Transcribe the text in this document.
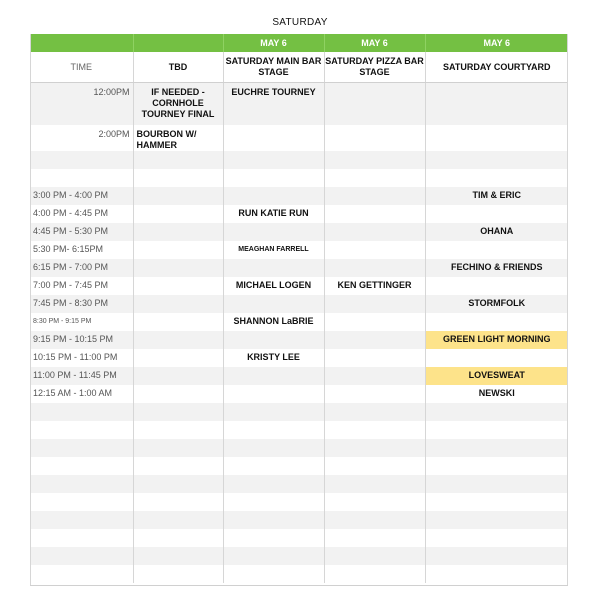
SATURDAY
		MAY 6	MAY 6	MAY 6
TIME	TBD	SATURDAY MAIN BAR STAGE	SATURDAY PIZZA BAR STAGE	SATURDAY COURTYARD
12:00PM	IF NEEDED - CORNHOLE TOURNEY FINAL	EUCHRE TOURNEY		
2:00PM	BOURBON W/ HAMMER			

3:00 PM - 4:00 PM				TIM & ERIC
4:00 PM - 4:45 PM		RUN KATIE RUN		
4:45 PM - 5:30 PM				OHANA
5:30 PM- 6:15PM		MEAGHAN FARRELL		
6:15 PM - 7:00 PM				FECHINO & FRIENDS
7:00 PM - 7:45 PM		MICHAEL LOGEN	KEN GETTINGER	
7:45 PM - 8:30 PM				STORMFOLK
8:30 PM - 9:15 PM		SHANNON LaBRIE		
9:15 PM - 10:15 PM				GREEN LIGHT MORNING
10:15 PM - 11:00 PM		KRISTY LEE		
11:00 PM - 11:45 PM				LOVESWEAT
12:15 AM - 1:00 AM				NEWSKI
